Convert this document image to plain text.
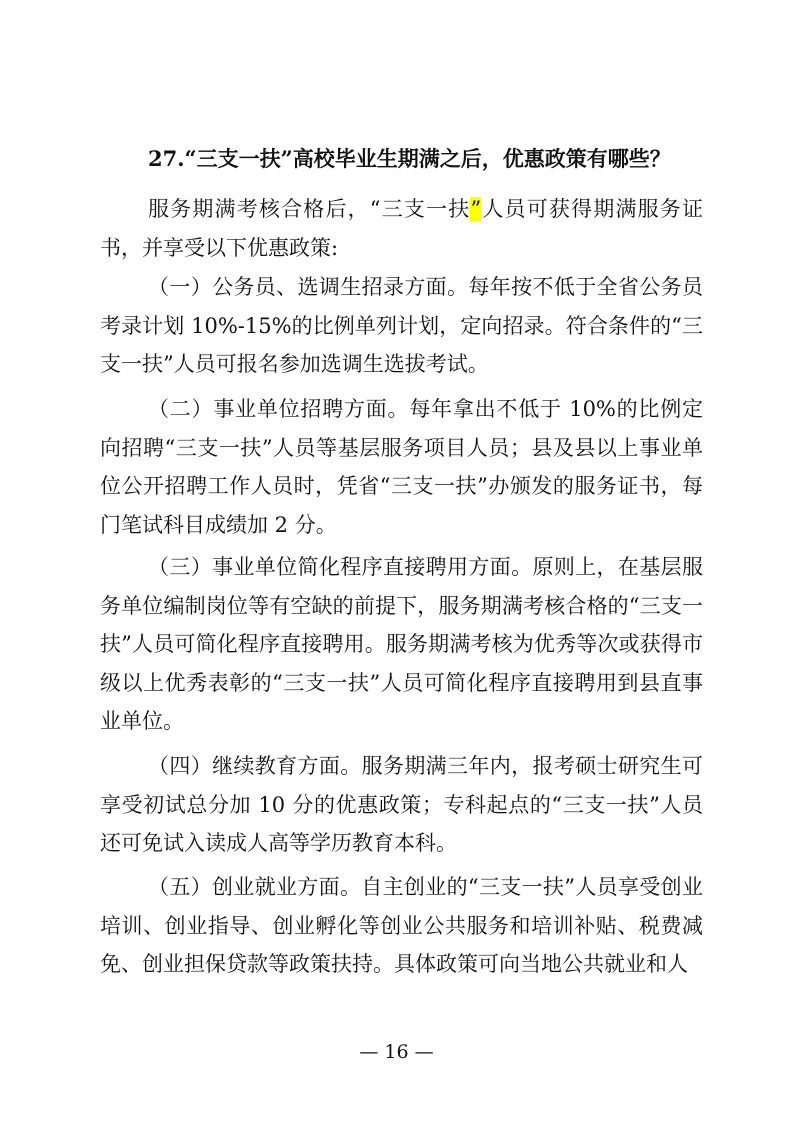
27.“三支一扶”高校毕业生期满之后，优惠政策有哪些？

服务期满考核合格后，“三支一扶”人员可获得期满服务证书，并享受以下优惠政策:

（一）公务员、选调生招录方面。每年按不低于全省公务员考录计划 10%-15%的比例单列计划，定向招录。符合条件的“三支一扶”人员可报名参加选调生选拔考试。

（二）事业单位招聘方面。每年拿出不低于 10%的比例定向招聘“三支一扶”人员等基层服务项目人员；县及县以上事业单位公开招聘工作人员时，凭省“三支一扶”办颁发的服务证书，每门笔试科目成绩加 2 分。

（三）事业单位简化程序直接聘用方面。原则上，在基层服务单位编制岗位等有空缺的前提下，服务期满考核合格的“三支一扶”人员可简化程序直接聘用。服务期满考核为优秀等次或获得市级以上优秀表彰的“三支一扶”人员可简化程序直接聘用到县直事业单位。

（四）继续教育方面。服务期满三年内，报考硕士研究生可享受初试总分加 10 分的优惠政策；专科起点的“三支一扶”人员还可免试入读成人高等学历教育本科。

（五）创业就业方面。自主创业的“三支一扶”人员享受创业培训、创业指导、创业孵化等创业公共服务和培训补贴、税费减免、创业担保贷款等政策扶持。具体政策可向当地公共就业和人

— 16 —
